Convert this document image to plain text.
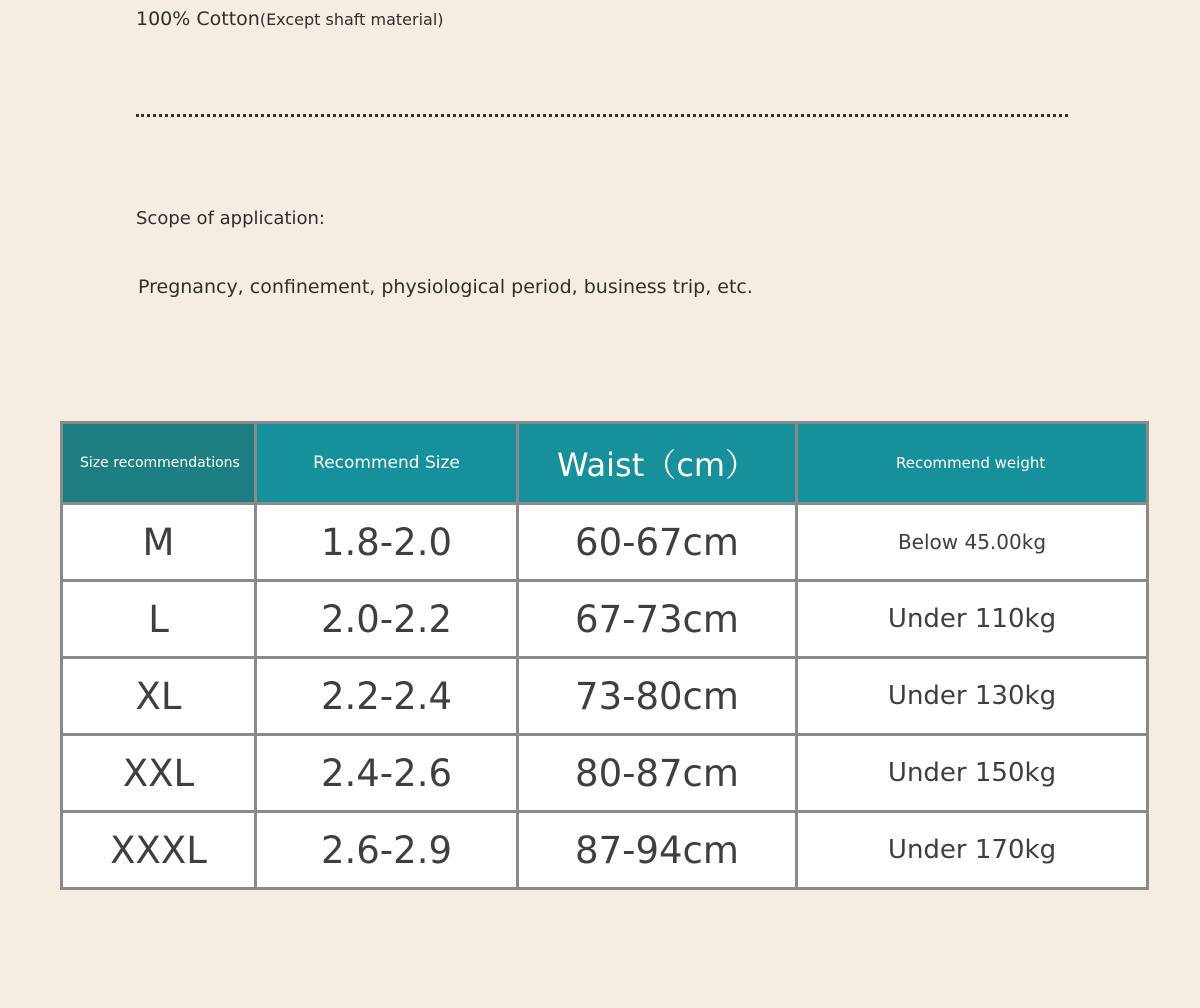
100% Cotton(Except shaft material)
Scope of application:
Pregnancy, confinement, physiological period, business trip, etc.
Size recommendations	Recommend Size	Waist（cm）	Recommend weight
M	1.8-2.0	60-67cm	Below 45.00kg
L	2.0-2.2	67-73cm	Under 110kg
XL	2.2-2.4	73-80cm	Under 130kg
XXL	2.4-2.6	80-87cm	Under 150kg
XXXL	2.6-2.9	87-94cm	Under 170kg
